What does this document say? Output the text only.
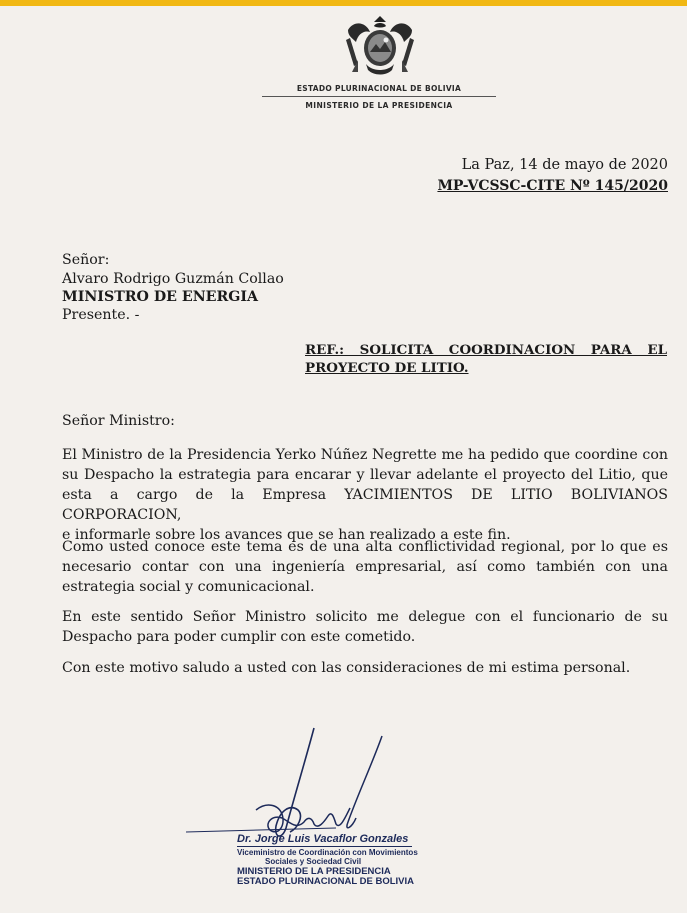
ESTADO PLURINACIONAL DE BOLIVIA
MINISTERIO DE LA PRESIDENCIA
La Paz, 14 de mayo de 2020
MP-VCSSC-CITE Nº 145/2020
Señor:
Alvaro Rodrigo Guzmán Collao
MINISTRO DE ENERGIA
Presente. -
REF.: SOLICITA COORDINACION PARA EL
PROYECTO DE LITIO.
Señor Ministro:
El Ministro de la Presidencia Yerko Núñez Negrette me ha pedido que coordine con
su Despacho la estrategia para encarar y llevar adelante el proyecto del Litio, que
esta a cargo de la Empresa YACIMIENTOS DE LITIO BOLIVIANOS CORPORACION,
e informarle sobre los avances que se han realizado a este fin.
Como usted conoce este tema es de una alta conflictividad regional, por lo que es
necesario contar con una ingeniería empresarial, así como también con una
estrategia social y comunicacional.
En este sentido Señor Ministro solicito me delegue con el funcionario de su
Despacho para poder cumplir con este cometido.
Con este motivo saludo a usted con las consideraciones de mi estima personal.
Dr. Jorge Luis Vacaflor Gonzales
Viceministro de Coordinación con Movimientos
Sociales y Sociedad Civil
MINISTERIO DE LA PRESIDENCIA
ESTADO PLURINACIONAL DE BOLIVIA
